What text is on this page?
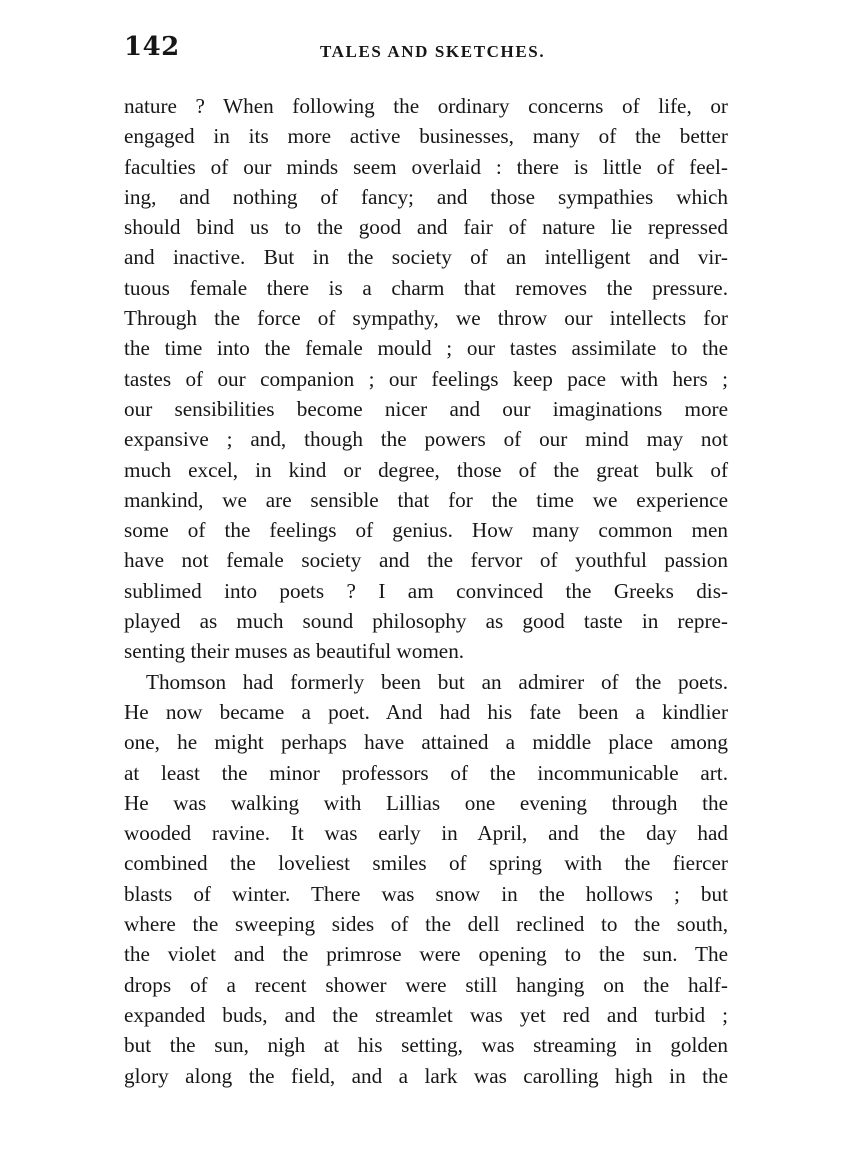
142	TALES AND SKETCHES.
nature ? When following the ordinary concerns of life, or
engaged in its more active businesses, many of the better
faculties of our minds seem overlaid : there is little of feel-
ing, and nothing of fancy; and those sympathies which
should bind us to the good and fair of nature lie repressed
and inactive. But in the society of an intelligent and vir-
tuous female there is a charm that removes the pressure.
Through the force of sympathy, we throw our intellects for
the time into the female mould ; our tastes assimilate to the
tastes of our companion ; our feelings keep pace with hers ;
our sensibilities become nicer and our imaginations more
expansive ; and, though the powers of our mind may not
much excel, in kind or degree, those of the great bulk of
mankind, we are sensible that for the time we experience
some of the feelings of genius. How many common men
have not female society and the fervor of youthful passion
sublimed into poets ? I am convinced the Greeks dis-
played as much sound philosophy as good taste in repre-
senting their muses as beautiful women.
Thomson had formerly been but an admirer of the poets.
He now became a poet. And had his fate been a kindlier
one, he might perhaps have attained a middle place among
at least the minor professors of the incommunicable art.
He was walking with Lillias one evening through the
wooded ravine. It was early in April, and the day had
combined the loveliest smiles of spring with the fiercer
blasts of winter. There was snow in the hollows ; but
where the sweeping sides of the dell reclined to the south,
the violet and the primrose were opening to the sun. The
drops of a recent shower were still hanging on the half-
expanded buds, and the streamlet was yet red and turbid ;
but the sun, nigh at his setting, was streaming in golden
glory along the field, and a lark was carolling high in the
